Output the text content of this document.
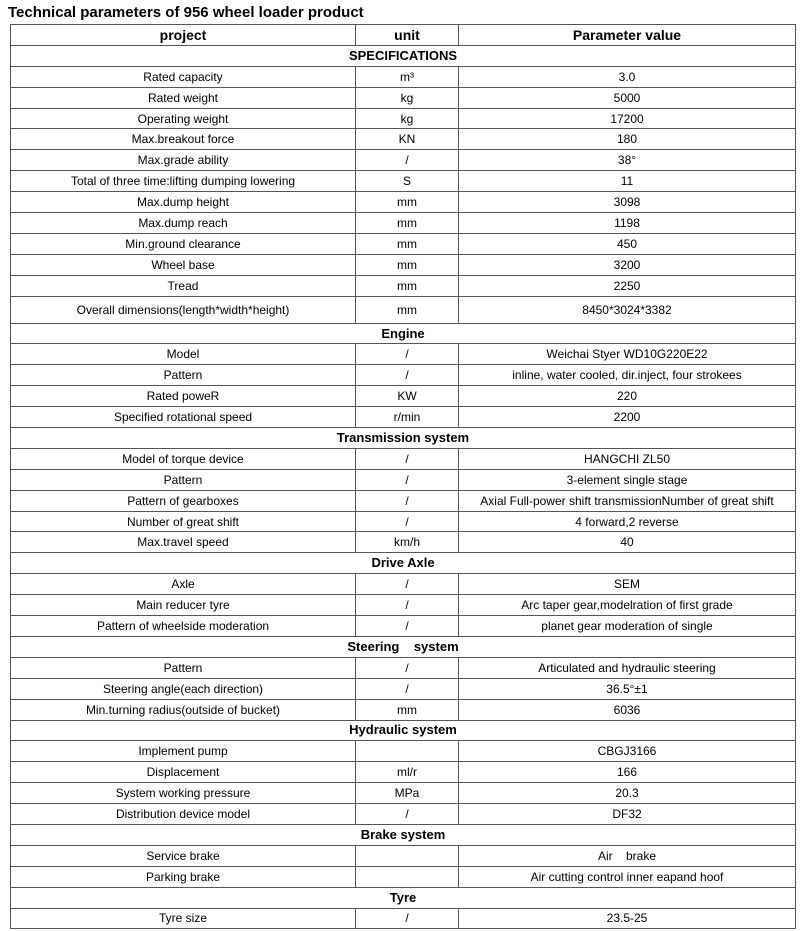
Technical parameters of 956 wheel loader product
project	unit	Parameter value
SPECIFICATIONS		
Rated capacity	m³	3.0
Rated weight	kg	5000
Operating weight	kg	17200
Max.breakout force	KN	180
Max.grade ability	/	38°
Total of three time:lifting dumping lowering	S	11
Max.dump height	mm	3098
Max.dump reach	mm	1198
Min.ground clearance	mm	450
Wheel base	mm	3200
Tread	mm	2250
Overall dimensions(length*width*height)	mm	8450*3024*3382
Engine		
Model	/	Weichai Styer WD10G220E22
Pattern	/	inline, water cooled, dir.inject, four strokees
Rated poweR	KW	220
Specified rotational speed	r/min	2200
Transmission system		
Model of torque device	/	HANGCHI ZL50
Pattern	/	3-element single stage
Pattern of gearboxes	/	Axial Full-power shift transmissionNumber of great shift
Number of great shift	/	4 forward,2 reverse
Max.travel speed	km/h	40
Drive Axle		
Axle	/	SEM
Main reducer tyre	/	Arc taper gear,modelration of first grade
Pattern of wheelside moderation	/	planet gear moderation of single
Steering    system		
Pattern	/	Articulated and hydraulic steering
Steering angle(each direction)	/	36.5°±1
Min.turning radius(outside of bucket)	mm	6036
Hydraulic system		
Implement pump		CBGJ3166
Displacement	ml/r	166
System working pressure	MPa	20.3
Distribution device model	/	DF32
Brake system		
Service brake		Air    brake
Parking brake		Air cutting control inner eapand hoof
Tyre		
Tyre size	/	23.5-25
